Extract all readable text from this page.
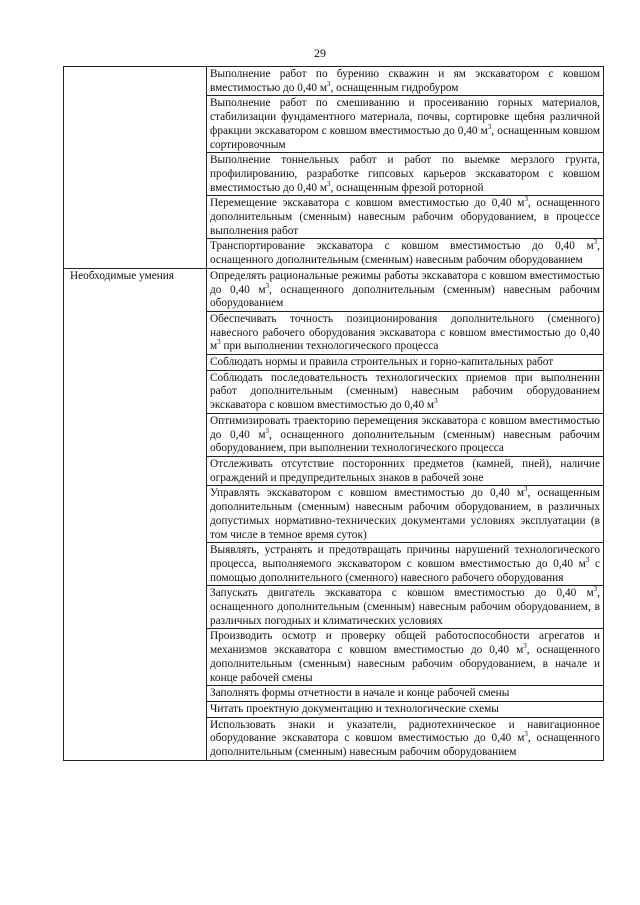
29
	Выполнение работ по бурению скважин и ям экскаватором с ковшом вместимостью до 0,40 $м^3$, оснащенным гидробуром
	Выполнение работ по смешиванию и просеиванию горных материалов, стабилизации фундаментного материала, почвы, сортировке щебня различной фракции экскаватором с ковшом вместимостью до 0,40 $м^3$, оснащенным ковшом сортировочным
	Выполнение тоннельных работ и работ по выемке мерзлого грунта, профилированию, разработке гипсовых карьеров экскаватором с ковшом вместимостью до 0,40 $м^3$, оснащенным фрезой роторной
	Перемещение экскаватора с ковшом вместимостью до 0,40 $м^3$, оснащенного дополнительным (сменным) навесным рабочим оборудованием, в процессе выполнения работ
	Транспортирование экскаватора с ковшом вместимостью до 0,40 $м^3$, оснащенного дополнительным (сменным) навесным рабочим оборудованием
Необходимые умения	Определять рациональные режимы работы экскаватора с ковшом вместимостью до 0,40 $м^3$, оснащенного дополнительным (сменным) навесным рабочим оборудованием
	Обеспечивать точность позиционирования дополнительного (сменного) навесного рабочего оборудования экскаватора с ковшом вместимостью до 0,40 $м^3$ при выполнении технологического процесса
	Соблюдать нормы и правила строительных и горно-капитальных работ
	Соблюдать последовательность технологических приемов при выполнении работ дополнительным (сменным) навесным рабочим оборудованием экскаватора с ковшом вместимостью до 0,40 $м^3$
	Оптимизировать траекторию перемещения экскаватора с ковшом вместимостью до 0,40 $м^3$, оснащенного дополнительным (сменным) навесным рабочим оборудованием, при выполнении технологического процесса
	Отслеживать отсутствие посторонних предметов (камней, пней), наличие ограждений и предупредительных знаков в рабочей зоне
	Управлять экскаватором с ковшом вместимостью до 0,40 $м^3$, оснащенным дополнительным (сменным) навесным рабочим оборудованием, в различных допустимых нормативно-технических документами условиях эксплуатации (в том числе в темное время суток)
	Выявлять, устранять и предотвращать причины нарушений технологического процесса, выполняемого экскаватором с ковшом вместимостью до 0,40 $м^3$ с помощью дополнительного (сменного) навесного рабочего оборудования
	Запускать двигатель экскаватора с ковшом вместимостью до 0,40 $м^3$, оснащенного дополнительным (сменным) навесным рабочим оборудованием, в различных погодных и климатических условиях
	Производить осмотр и проверку общей работоспособности агрегатов и механизмов экскаватора с ковшом вместимостью до 0,40 $м^3$, оснащенного дополнительным (сменным) навесным рабочим оборудованием, в начале и конце рабочей смены
	Заполнять формы отчетности в начале и конце рабочей смены
	Читать проектную документацию и технологические схемы
	Использовать знаки и указатели, радиотехническое и навигационное оборудование экскаватора с ковшом вместимостью до 0,40 $м^3$, оснащенного дополнительным (сменным) навесным рабочим оборудованием
